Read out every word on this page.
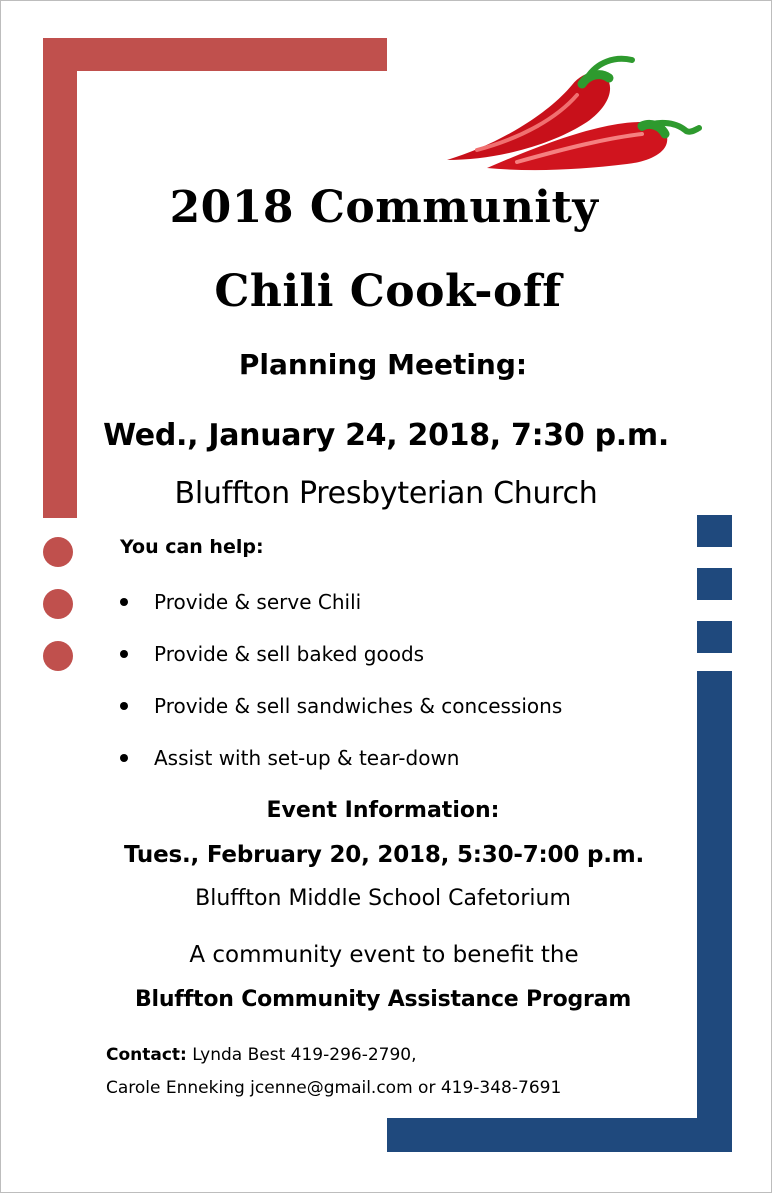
2018 Community
Chili Cook-off
Planning Meeting:
Wed., January 24, 2018, 7:30 p.m.
Bluffton Presbyterian Church
You can help:
Provide & serve Chili
Provide & sell baked goods
Provide & sell sandwiches & concessions
Assist with set-up & tear-down
Event Information:
Tues., February 20, 2018, 5:30-7:00 p.m.
Bluffton Middle School Cafetorium
A community event to benefit the
Bluffton Community Assistance Program
Contact: Lynda Best 419-296-2790,
Carole Enneking jcenne@gmail.com or 419-348-7691
